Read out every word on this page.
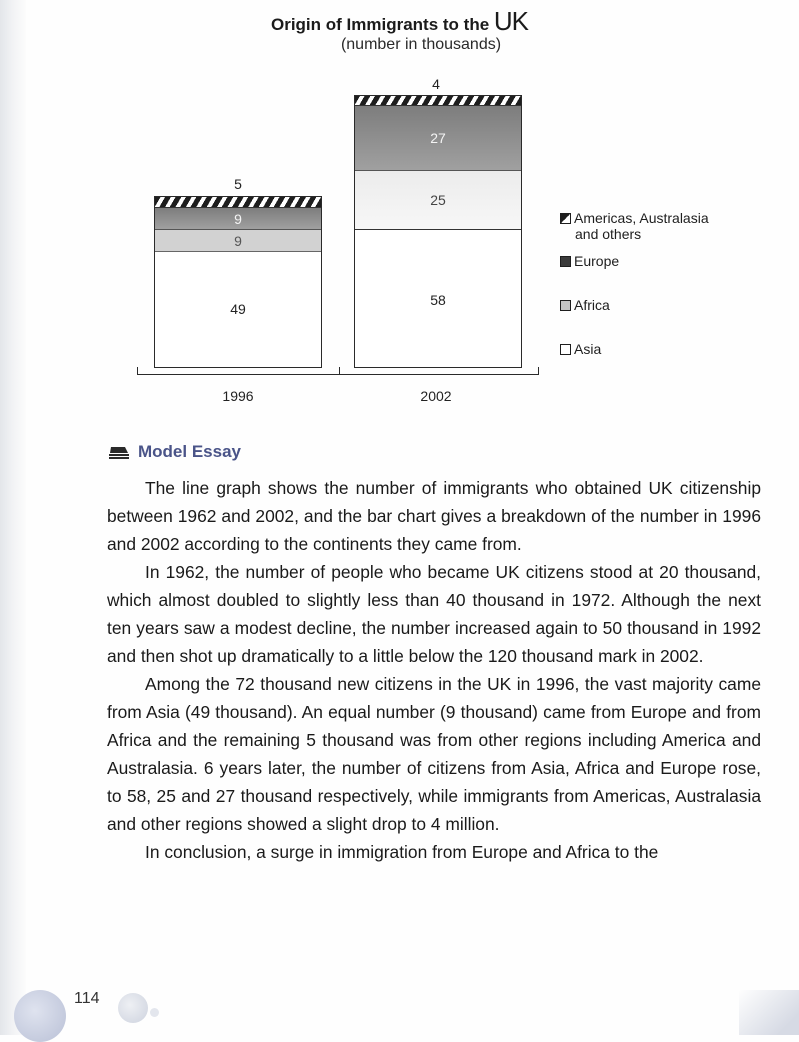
Origin of Immigrants to the UK
(number in thousands)
5
9
9
49
4
27
25
58
1996	2002
Americas, Australasia
and others
Europe
Africa
Asia
Model Essay

The line graph shows the number of immigrants who obtained UK citizenship between 1962 and 2002, and the bar chart gives a breakdown of the number in 1996 and 2002 according to the continents they came from.

In 1962, the number of people who became UK citizens stood at 20 thousand, which almost doubled to slightly less than 40 thousand in 1972. Although the next ten years saw a modest decline, the number increased again to 50 thousand in 1992 and then shot up dramatically to a little below the 120 thousand mark in 2002.

Among the 72 thousand new citizens in the UK in 1996, the vast majority came from Asia (49 thousand). An equal number (9 thousand) came from Europe and from Africa and the remaining 5 thousand was from other regions including America and Australasia. 6 years later, the number of citizens from Asia, Africa and Europe rose, to 58, 25 and 27 thousand respectively, while immigrants from Americas, Australasia and other regions showed a slight drop to 4 million.

In conclusion, a surge in immigration from Europe and Africa to the

114
